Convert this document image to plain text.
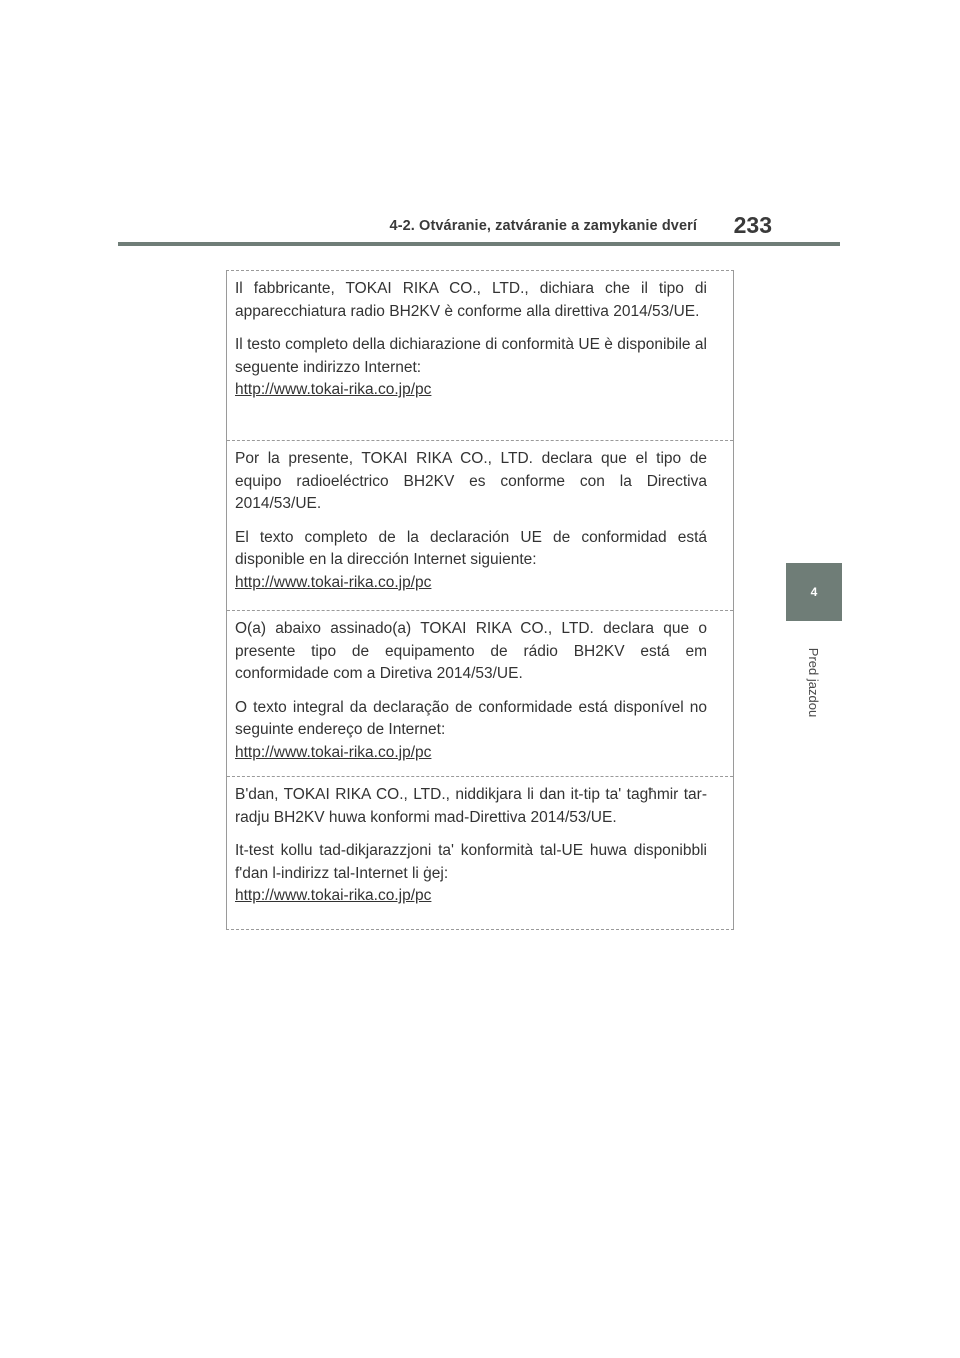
4-2. Otváranie, zatváranie a zamykanie dverí 233
4
Pred jazdou

Il fabbricante, TOKAI RIKA CO., LTD., dichiara che il tipo di apparecchiatura radio BH2KV è conforme alla direttiva 2014/53/UE.

Il testo completo della dichiarazione di conformità UE è disponibile al seguente indirizzo Internet:

http://www.tokai-rika.co.jp/pc

Por la presente, TOKAI RIKA CO., LTD. declara que el tipo de equipo radioeléctrico BH2KV es conforme con la Directiva 2014/53/UE.

El texto completo de la declaración UE de conformidad está disponible en la dirección Internet siguiente:

http://www.tokai-rika.co.jp/pc

O(a) abaixo assinado(a) TOKAI RIKA CO., LTD. declara que o presente tipo de equipamento de rádio BH2KV está em conformidade com a Diretiva 2014/53/UE.

O texto integral da declaração de conformidade está disponível no seguinte endereço de Internet:

http://www.tokai-rika.co.jp/pc

B'dan, TOKAI RIKA CO., LTD., niddikjara li dan it-tip ta' tagħmir tar-radju BH2KV huwa konformi mad-Direttiva 2014/53/UE.

It-test kollu tad-dikjarazzjoni ta' konformità tal-UE huwa disponibbli f'dan l-indirizz tal-Internet li ġej:

http://www.tokai-rika.co.jp/pc
